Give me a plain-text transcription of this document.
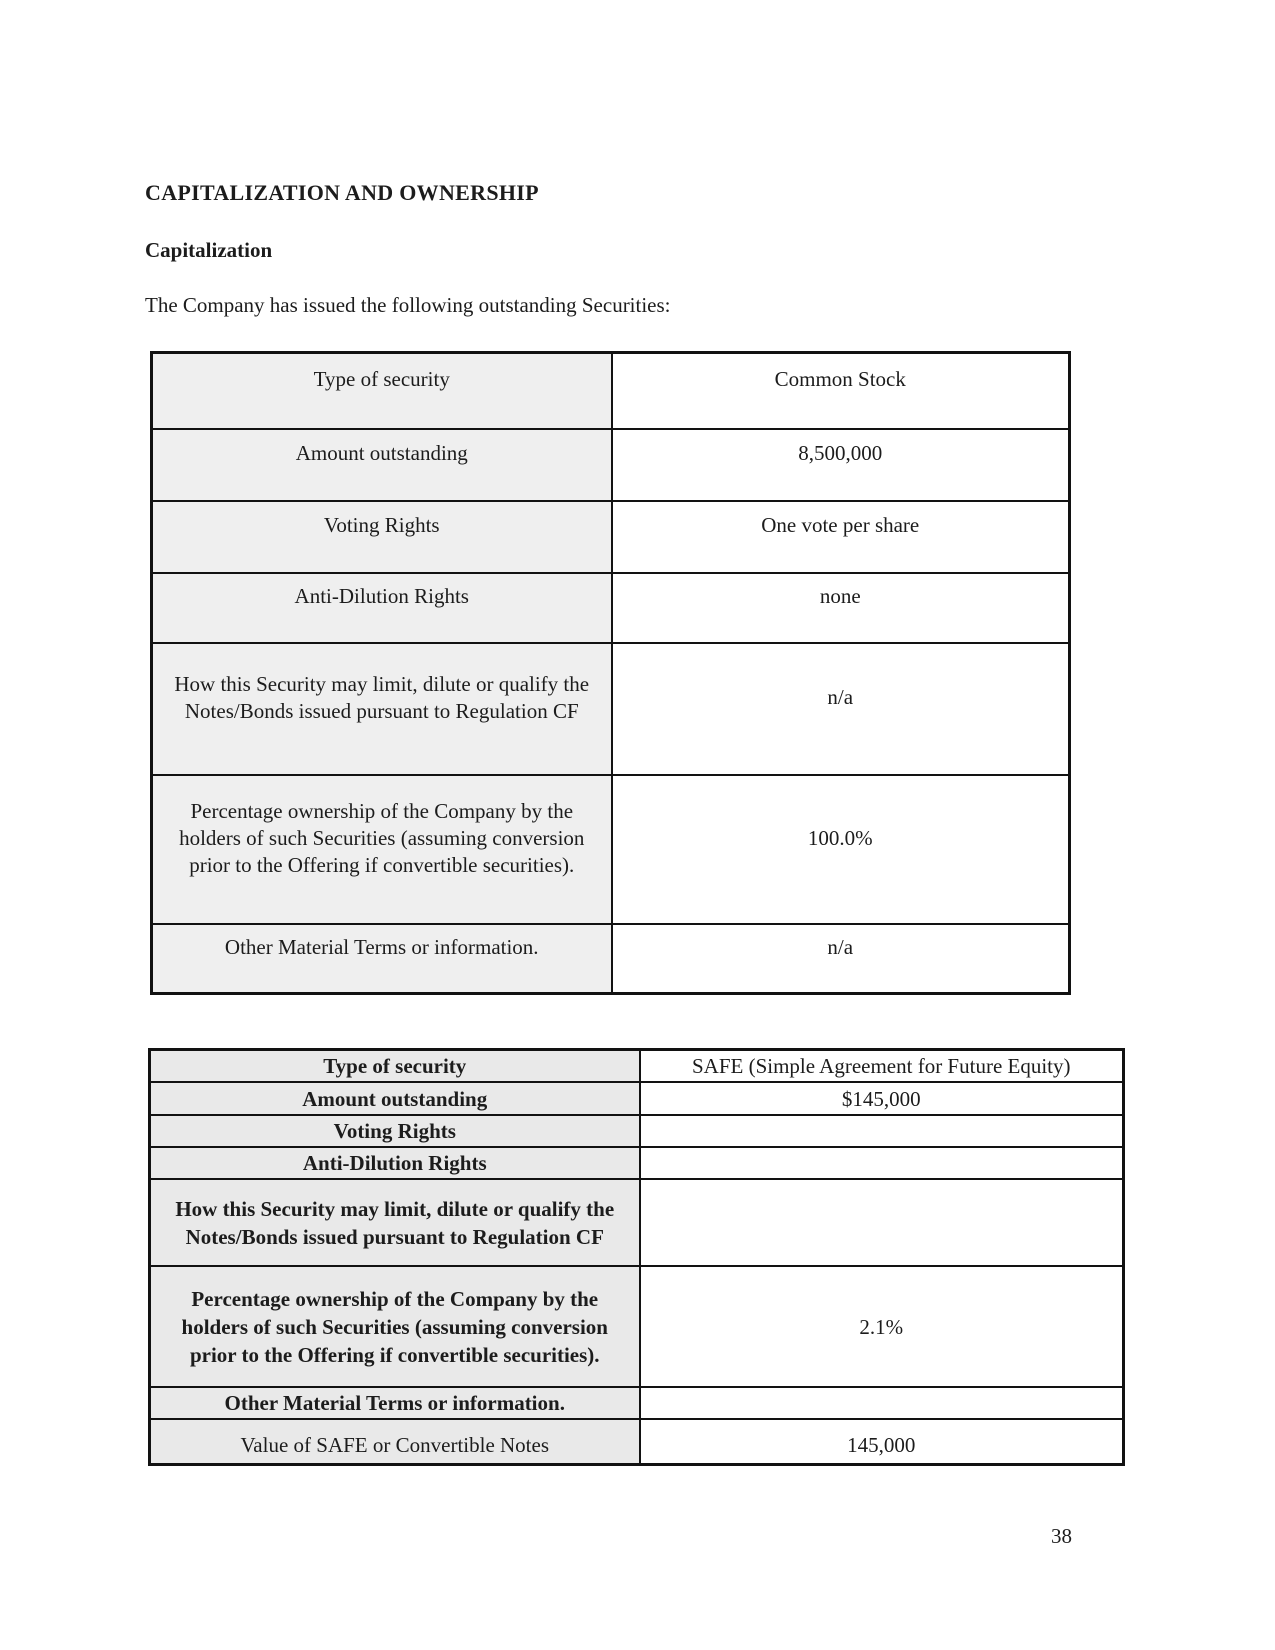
CAPITALIZATION AND OWNERSHIP
Capitalization
The Company has issued the following outstanding Securities:
Type of security	Common Stock
Amount outstanding	8,500,000
Voting Rights	One vote per share
Anti-Dilution Rights	none
How this Security may limit, dilute or qualify the Notes/Bonds issued pursuant to Regulation CF	n/a
Percentage ownership of the Company by the holders of such Securities (assuming conversion prior to the Offering if convertible securities).	100.0%
Other Material Terms or information.	n/a
Type of security	SAFE (Simple Agreement for Future Equity)
Amount outstanding	$145,000
Voting Rights	
Anti-Dilution Rights	
How this Security may limit, dilute or qualify the Notes/Bonds issued pursuant to Regulation CF	
Percentage ownership of the Company by the holders of such Securities (assuming conversion prior to the Offering if convertible securities).	2.1%
Other Material Terms or information.	
Value of SAFE or Convertible Notes	145,000
38
